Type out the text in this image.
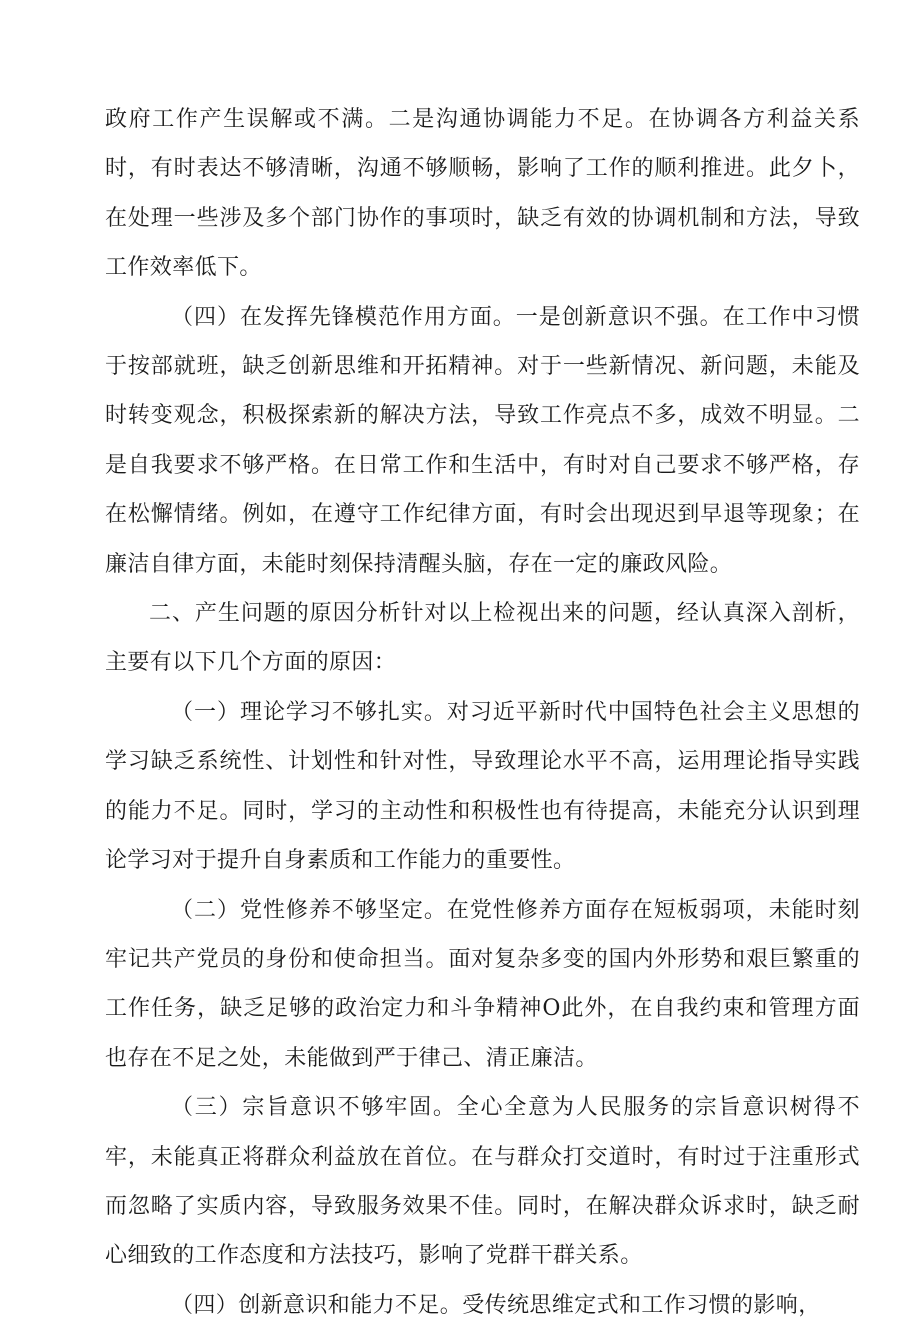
政府工作产生误解或不满。二是沟通协调能力不足。在协调各方利益关系时，有时表达不够清晰，沟通不够顺畅，影响了工作的顺利推进。此夕卜，在处理一些涉及多个部门协作的事项时，缺乏有效的协调机制和方法，导致工作效率低下。

（四）在发挥先锋模范作用方面。一是创新意识不强。在工作中习惯于按部就班，缺乏创新思维和开拓精神。对于一些新情况、新问题，未能及时转变观念，积极探索新的解决方法，导致工作亮点不多，成效不明显。二是自我要求不够严格。在日常工作和生活中，有时对自己要求不够严格，存在松懈情绪。例如，在遵守工作纪律方面，有时会出现迟到早退等现象；在廉洁自律方面，未能时刻保持清醒头脑，存在一定的廉政风险。

二、产生问题的原因分析针对以上检视出来的问题，经认真深入剖析，主要有以下几个方面的原因：

（一）理论学习不够扎实。对习近平新时代中国特色社会主义思想的学习缺乏系统性、计划性和针对性，导致理论水平不高，运用理论指导实践的能力不足。同时，学习的主动性和积极性也有待提高，未能充分认识到理论学习对于提升自身素质和工作能力的重要性。

（二）党性修养不够坚定。在党性修养方面存在短板弱项，未能时刻牢记共产党员的身份和使命担当。面对复杂多变的国内外形势和艰巨繁重的工作任务，缺乏足够的政治定力和斗争精神O此外，在自我约束和管理方面也存在不足之处，未能做到严于律己、清正廉洁。

（三）宗旨意识不够牢固。全心全意为人民服务的宗旨意识树得不牢，未能真正将群众利益放在首位。在与群众打交道时，有时过于注重形式而忽略了实质内容，导致服务效果不佳。同时，在解决群众诉求时，缺乏耐心细致的工作态度和方法技巧，影响了党群干群关系。

（四）创新意识和能力不足。受传统思维定式和工作习惯的影响，
